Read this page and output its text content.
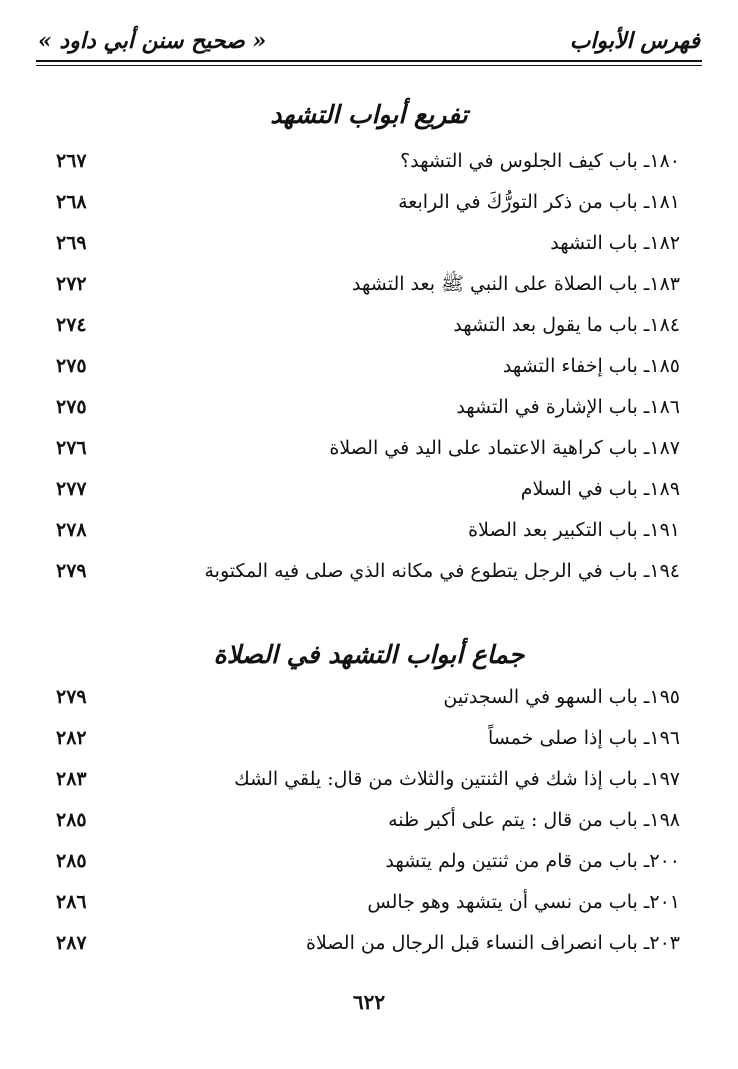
فهرس الأبواب
« صحيح سنن أبي داود »
تفريع أبواب التشهد
١٨٠ـ باب كيف الجلوس في التشهد؟
٢٦٧
١٨١ـ باب من ذكر التورُّكَ في الرابعة
٢٦٨
١٨٢ـ باب التشهد
٢٦٩
١٨٣ـ باب الصلاة على النبي ﷺ بعد التشهد
٢٧٢
١٨٤ـ باب ما يقول بعد التشهد
٢٧٤
١٨٥ـ باب إخفاء التشهد
٢٧٥
١٨٦ـ باب الإشارة في التشهد
٢٧٥
١٨٧ـ باب كراهية الاعتماد على اليد في الصلاة
٢٧٦
١٨٩ـ باب في السلام
٢٧٧
١٩١ـ باب التكبير بعد الصلاة
٢٧٨
١٩٤ـ باب في الرجل يتطوع في مكانه الذي صلى فيه المكتوبة
٢٧٩
جماع أبواب التشهد في الصلاة
١٩٥ـ باب السهو في السجدتين
٢٧٩
١٩٦ـ باب إذا صلى خمساً
٢٨٢
١٩٧ـ باب إذا شك في الثنتين والثلاث من قال: يلقي الشك
٢٨٣
١٩٨ـ باب من قال : يتم على أكبر ظنه
٢٨٥
٢٠٠ـ باب من قام من ثنتين ولم يتشهد
٢٨٥
٢٠١ـ باب من نسي أن يتشهد وهو جالس
٢٨٦
٢٠٣ـ باب انصراف النساء قبل الرجال من الصلاة
٢٨٧
٦٢٢
